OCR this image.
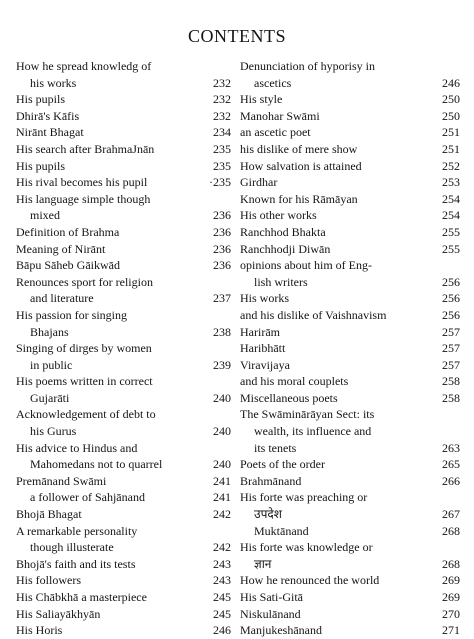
CONTENTS
How he spread knowledg of
his works	232
His pupils	232
Dhirā's Kāfis	232
Nirānt Bhagat	234
His search after BrahmaJnān	235
His pupils	235
His rival becomes his pupil	·235
His language simple though
mixed	236
Definition of Brahma	236
Meaning of Nirānt	236
Bāpu Sāheb Gāikwād	236
Renounces sport for religion
and literature	237
His passion for singing
Bhajans	238
Singing of dirges by women
in public	239
His poems written in correct
Gujarāti	240
Acknowledgement of debt to
his Gurus	240
His advice to Hindus and
Mahomedans not to quarrel	240
Premānand Swāmi	241
a follower of Sahjānand	241
Bhojā Bhagat	242
A remarkable personality
though illusterate	242
Bhojā's faith and its tests	243
His followers	243
His Chābkhā a masterpiece	245
His Saliayākhyān	245
His Horis	246
Denunciation of hyporisy in
ascetics	246
His style	250
Manohar Swāmi	250
an ascetic poet	251
his dislike of mere show	251
How salvation is attained	252
Girdhar	253
Known for his Rāmāyan	254
His other works	254
Ranchhod Bhakta	255
Ranchhodji Diwān	255
opinions about him of Eng-
lish writers	256
His works	256
and his dislike of Vaishnavism	256
Harirām	257
Haribhātt	257
Viravijaya	257
and his moral couplets	258
Miscellaneous poets	258
The Swāminārāyan Sect: its
wealth, its influence and
its tenets	263
Poets of the order	265
Brahmānand	266
His forte was preaching or
उपदेश	267
Muktānand	268
His forte was knowledge or
ज्ञान	268
How he renounced the world	269
His Sati-Gitā	269
Niskulānand	270
Manjukeshānand	271
